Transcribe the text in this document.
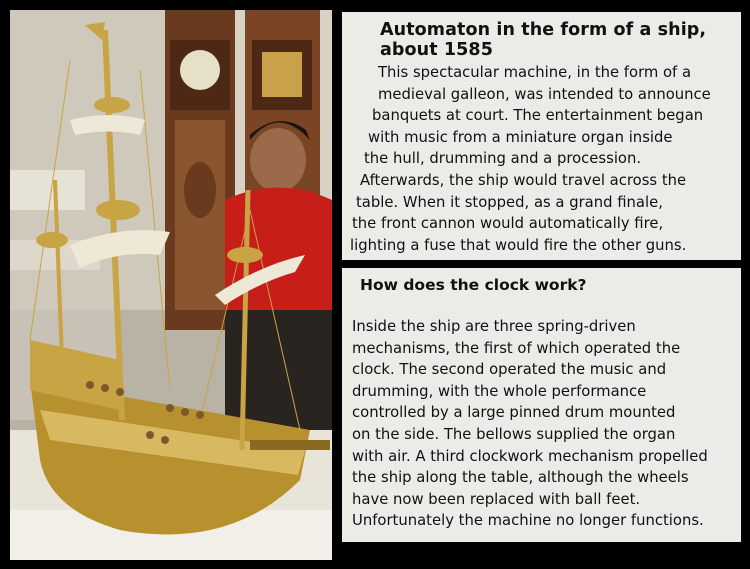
Automaton in the form of a ship,
about 1585
This spectacular machine, in the form of a
medieval galleon, was intended to announce
banquets at court. The entertainment began
with music from a miniature organ inside
the hull, drumming and a procession.
Afterwards, the ship would travel across the
table. When it stopped, as a grand finale,
the front cannon would automatically fire,
lighting a fuse that would fire the other guns.
How does the clock work?
Inside the ship are three spring-driven
mechanisms, the first of which operated the
clock. The second operated the music and
drumming, with the whole performance
controlled by a large pinned drum mounted
on the side. The bellows supplied the organ
with air. A third clockwork mechanism propelled
the ship along the table, although the wheels
have now been replaced with ball feet.
Unfortunately the machine no longer functions.
